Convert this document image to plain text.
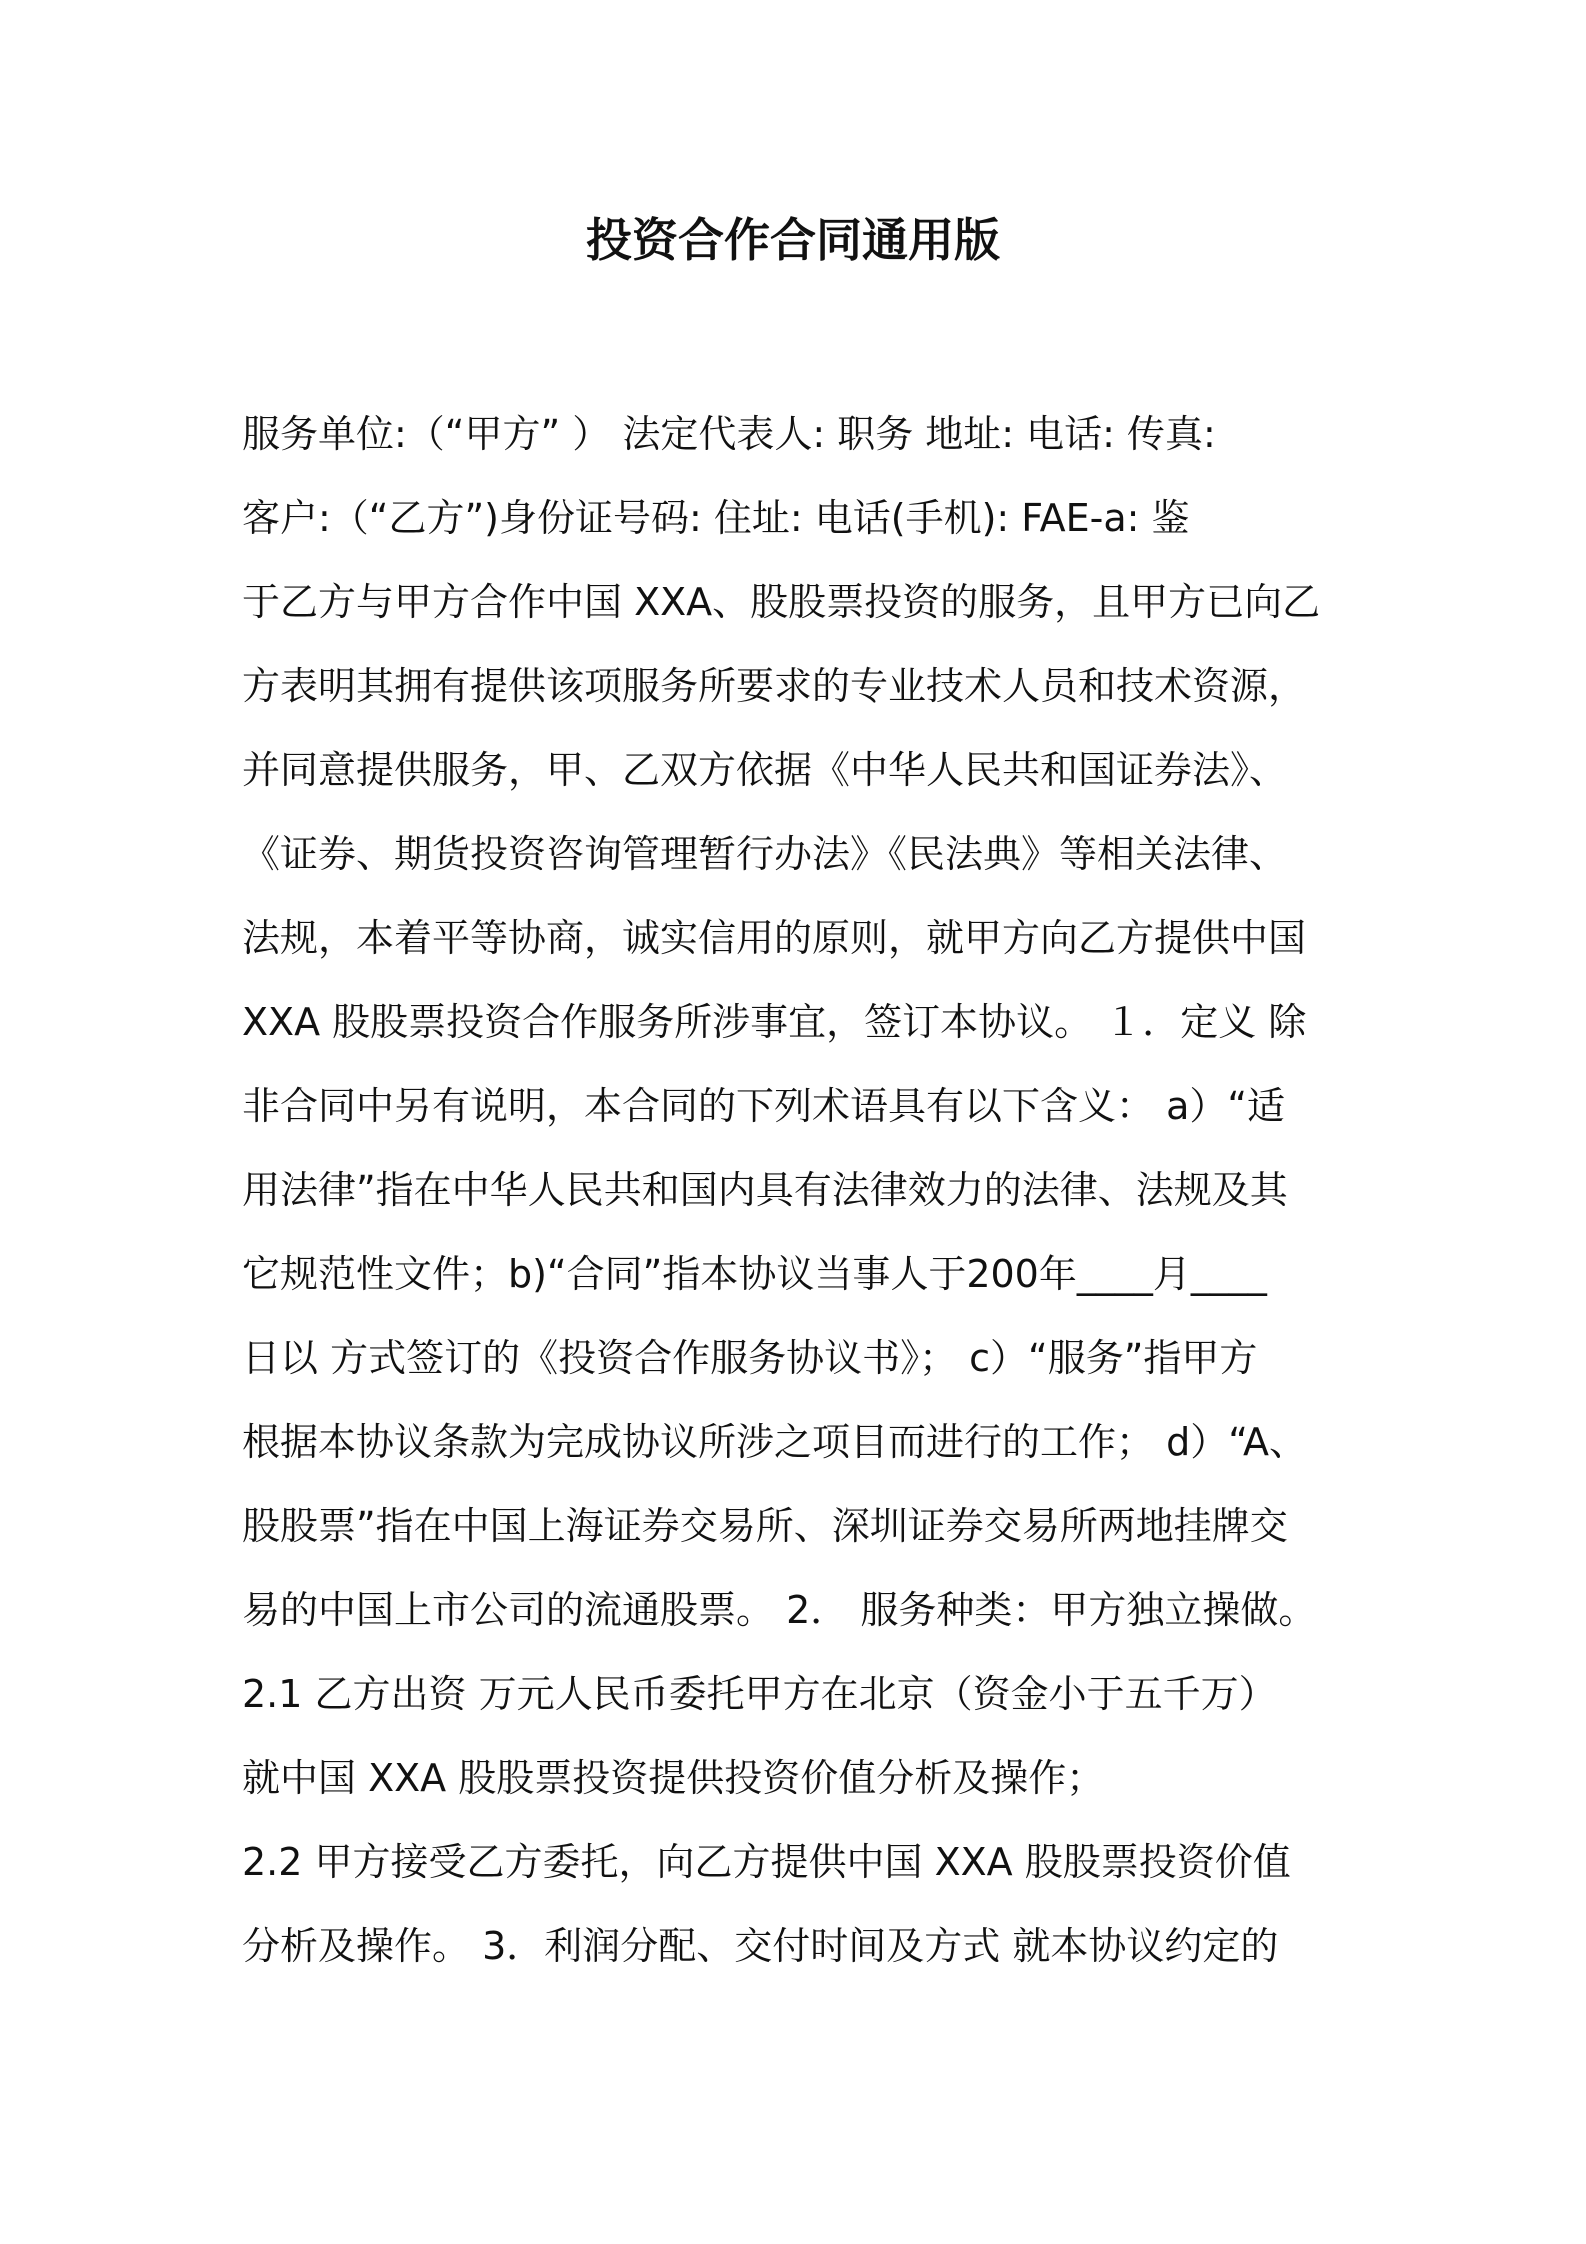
投资合作合同通用版
服务单位:（“甲方” ） 法定代表人: 职务 地址: 电话: 传真:
客户:（“乙方”)身份证号码: 住址: 电话(手机): FAE-a: 鉴
于乙方与甲方合作中国 XXA、股股票投资的服务，且甲方已向乙
方表明其拥有提供该项服务所要求的专业技术人员和技术资源，
并同意提供服务，甲、乙双方依据《中华人民共和国证券法》、
《证券、期货投资咨询管理暂行办法》《民法典》等相关法律、
法规，本着平等协商，诚实信用的原则，就甲方向乙方提供中国
XXA 股股票投资合作服务所涉事宜，签订本协议。 １．定义 除
非合同中另有说明，本合同的下列术语具有以下含义： a）“适
用法律”指在中华人民共和国内具有法律效力的法律、法规及其
它规范性文件；b)“合同”指本协议当事人于200年____月____
日以 方式签订的《投资合作服务协议书》； c）“服务”指甲方
根据本协议条款为完成协议所涉之项目而进行的工作； d）“A、
股股票”指在中国上海证券交易所、深圳证券交易所两地挂牌交
易的中国上市公司的流通股票。 2． 服务种类：甲方独立操做。
2.1 乙方出资 万元人民币委托甲方在北京（资金小于五千万）
就中国 XXA 股股票投资提供投资价值分析及操作；
2.2 甲方接受乙方委托，向乙方提供中国 XXA 股股票投资价值
分析及操作。 3．利润分配、交付时间及方式 就本协议约定的
